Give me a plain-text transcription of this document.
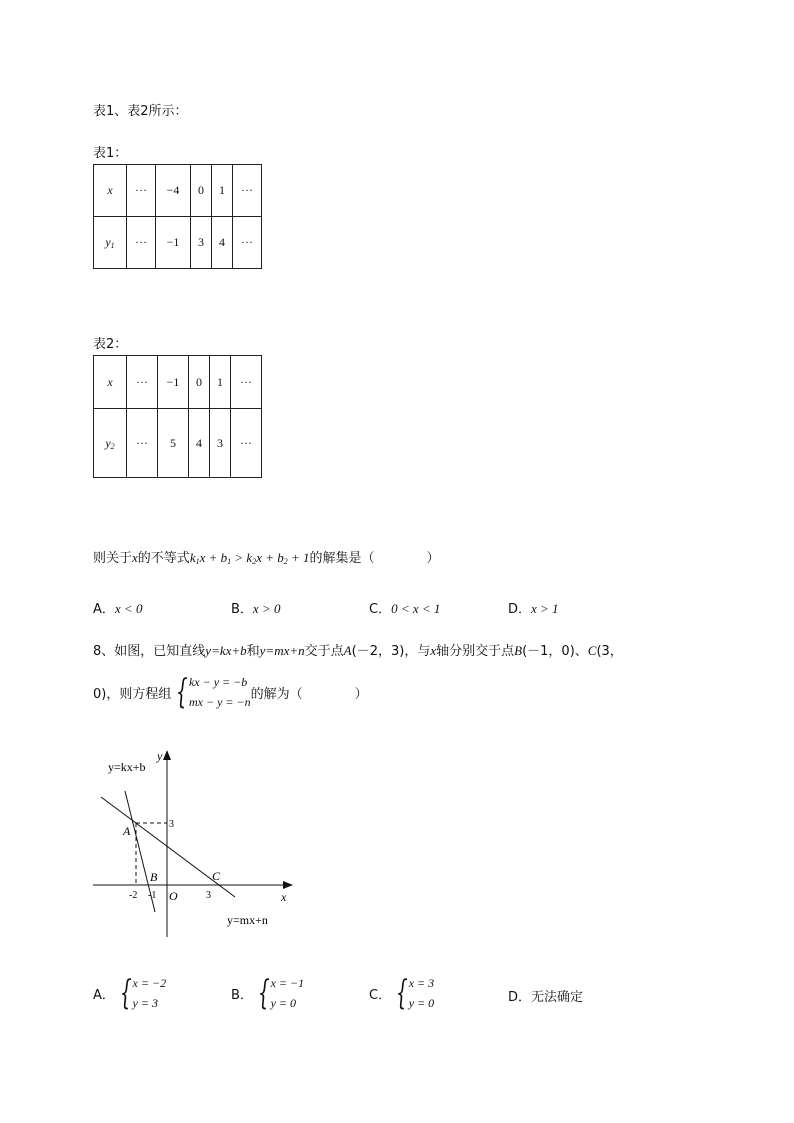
表1、表2所示：
表1：
x	···	−4	0	1	···
$y_1$	···	−1	3	4	···
表2：
x	···	−1	0	1	···
$y_2$	···	5	4	3	···
则关于x的不等式$k_1x + b_1 > k_2x + b_2 + 1$的解集是（　　　　）
A．x < 0	B．x > 0	C．0 < x < 1	D．x > 1
8、如图，已知直线y=kx+b和y=mx+n交于点A(－2，3)，与x轴分别交于点B(－1，0)、C(3，
0)，则方程组 { kx − y = −b
mx − y = −n
的解为（　　　　）
y=kx+b
y=mx+n
x
y
A
B	C
O
3
-2 -1	3
A． { x = −2
y = 3
B． { x = −1
y = 0
C． { x = 3
y = 0	D．无法确定
